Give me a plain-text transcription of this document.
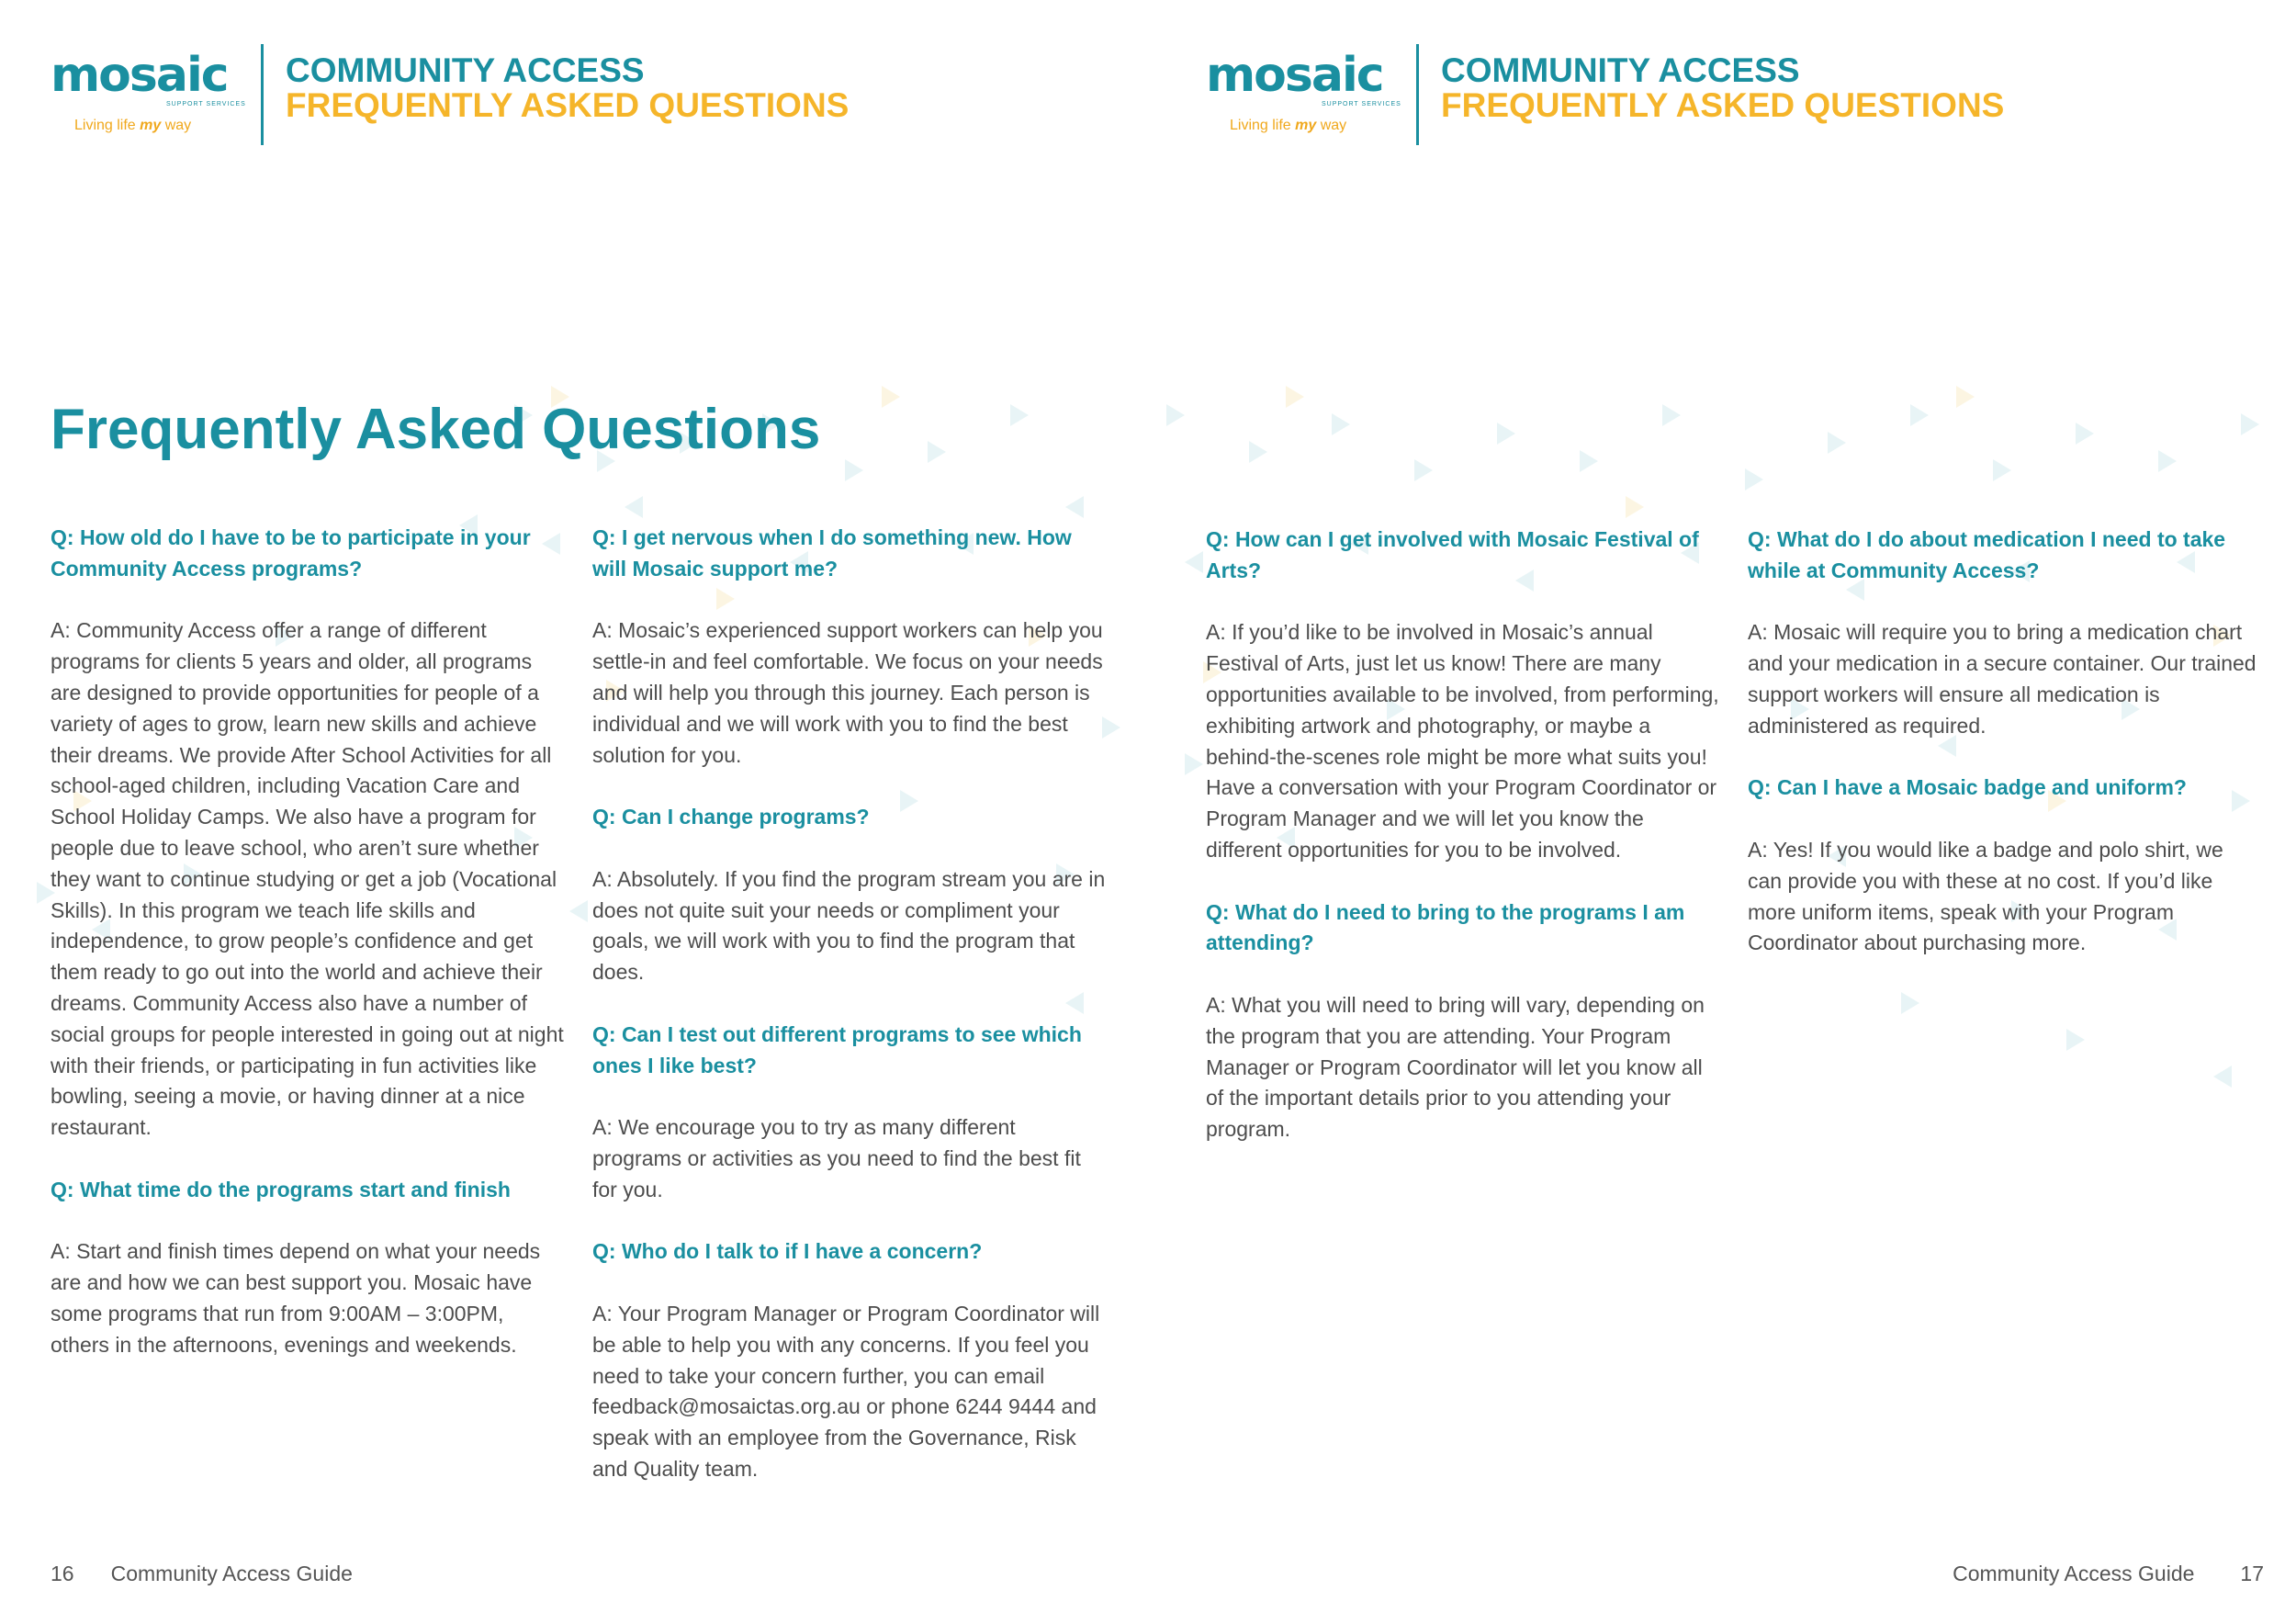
mosaic
SUPPORT SERVICES
Living life my way
COMMUNITY ACCESS
FREQUENTLY ASKED QUESTIONS
Frequently Asked Questions

Q: How old do I have to be to participate in your Community Access programs?

A: Community Access offer a range of different programs for clients 5 years and older, all programs are designed to provide opportunities for people of a variety of ages to grow, learn new skills and achieve their dreams. We provide After School Activities for all school-aged children, including Vacation Care and School Holiday Camps. We also have a program for people due to leave school, who aren’t sure whether they want to continue studying or get a job (Vocational Skills). In this program we teach life skills and independence, to grow people’s confidence and get them ready to go out into the world and achieve their dreams. Community Access also have a number of social groups for people interested in going out at night with their friends, or participating in fun activities like bowling, seeing a movie, or having dinner at a nice restaurant.

Q: What time do the programs start and finish

A: Start and finish times depend on what your needs are and how we can best support you. Mosaic have some programs that run from 9:00AM – 3:00PM, others in the afternoons, evenings and weekends.

Q: I get nervous when I do something new. How will Mosaic support me?

A: Mosaic’s experienced support workers can help you settle-in and feel comfortable. We focus on your needs and will help you through this journey. Each person is individual and we will work with you to find the best solution for you.

Q: Can I change programs?

A: Absolutely. If you find the program stream you are in does not quite suit your needs or compliment your goals, we will work with you to find the program that does.

Q: Can I test out different programs to see which ones I like best?

A: We encourage you to try as many different programs or activities as you need to find the best fit for you.

Q: Who do I talk to if I have a concern?

A: Your Program Manager or Program Coordinator will be able to help you with any concerns. If you feel you need to take your concern further, you can email feedback@mosaictas.org.au or phone 6244 9444 and speak with an employee from the Governance, Risk and Quality team.

16 Community Access Guide
mosaic
SUPPORT SERVICES
Living life my way
COMMUNITY ACCESS
FREQUENTLY ASKED QUESTIONS

Q: How can I get involved with Mosaic Festival of Arts?

A: If you’d like to be involved in Mosaic’s annual Festival of Arts, just let us know! There are many opportunities available to be involved, from performing, exhibiting artwork and photography, or maybe a behind-the-scenes role might be more what suits you! Have a conversation with your Program Coordinator or Program Manager and we will let you know the different opportunities for you to be involved.

Q: What do I need to bring to the programs I am attending?

A: What you will need to bring will vary, depending on the program that you are attending. Your Program Manager or Program Coordinator will let you know all of the important details prior to you attending your program.

Q: What do I do about medication I need to take while at Community Access?

A: Mosaic will require you to bring a medication chart and your medication in a secure container. Our trained support workers will ensure all medication is administered as required.

Q: Can I have a Mosaic badge and uniform?

A: Yes! If you would like a badge and polo shirt, we can provide you with these at no cost. If you’d like more uniform items, speak with your Program Coordinator about purchasing more.

Community Access Guide 17
